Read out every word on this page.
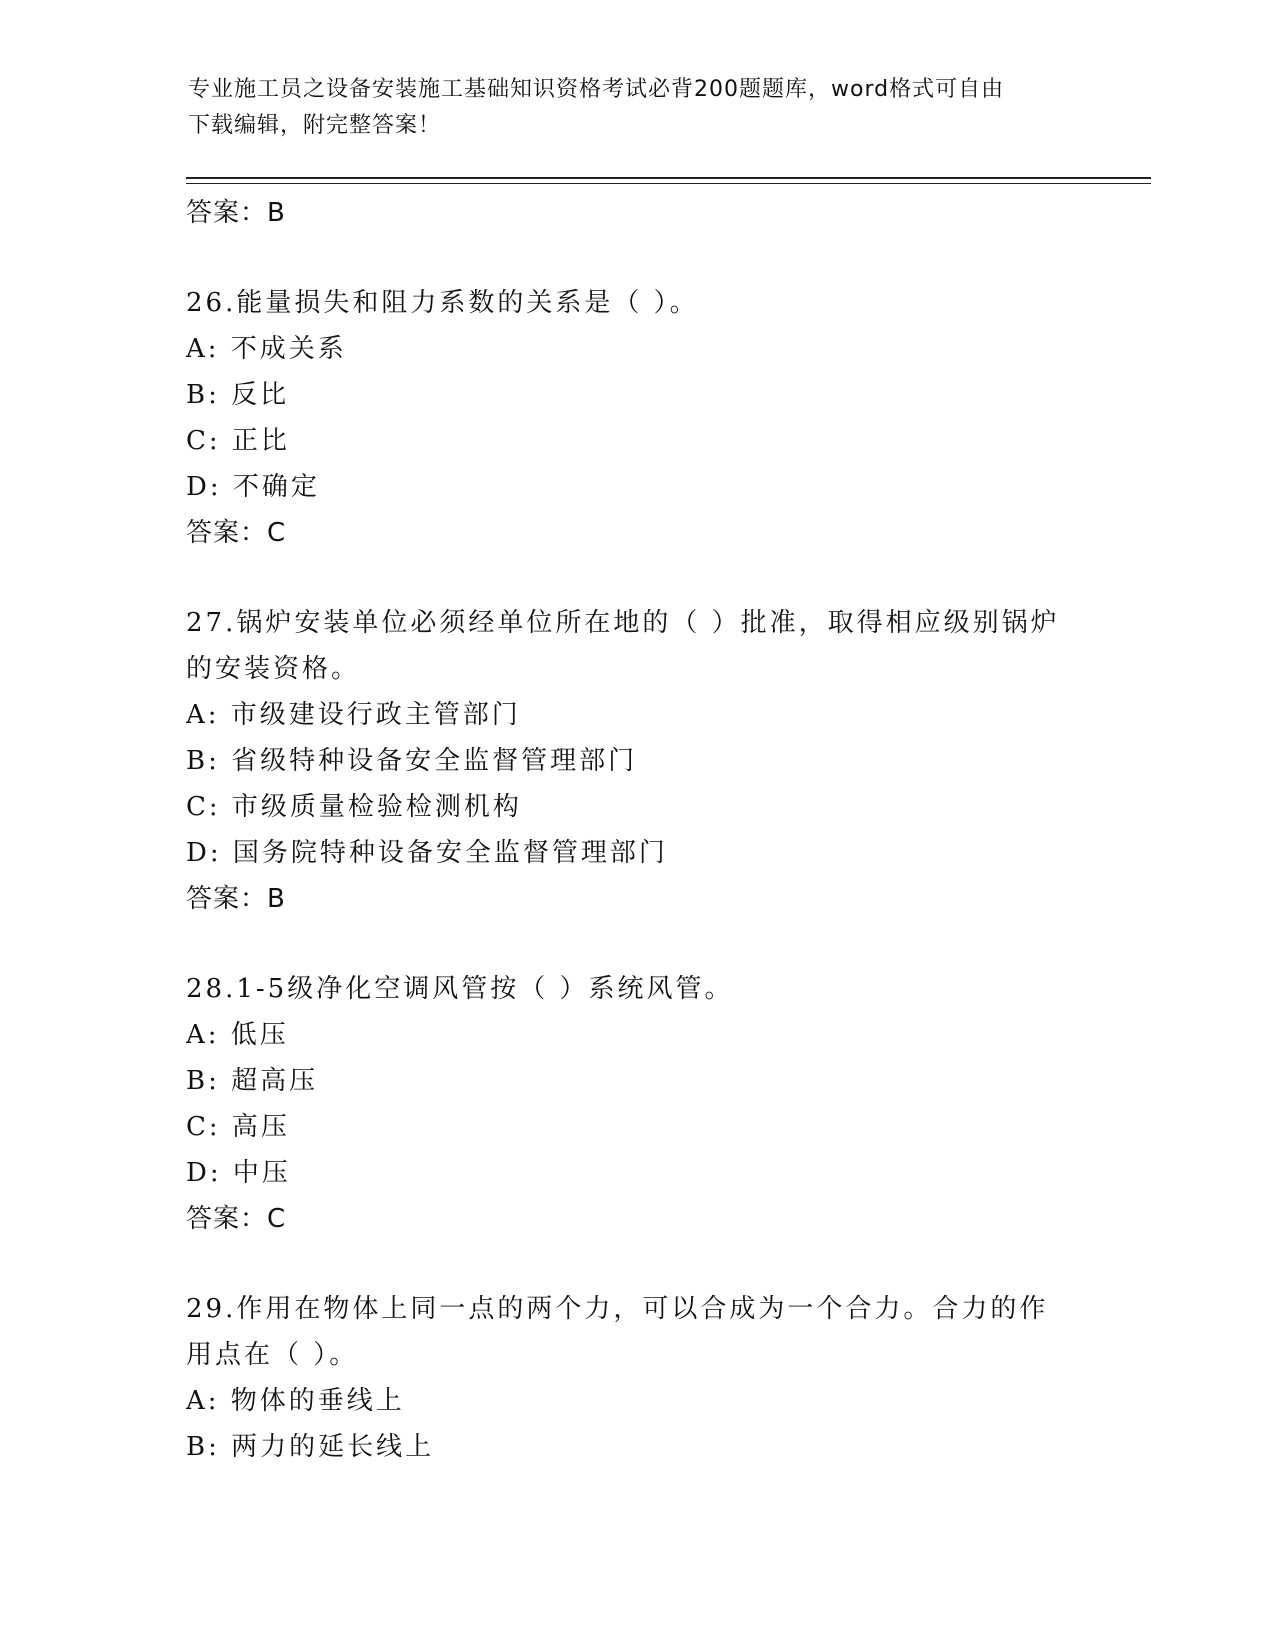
专业施工员之设备安装施工基础知识资格考试必背200题题库，word格式可自由
下载编辑，附完整答案！
答案：B
26.能量损失和阻力系数的关系是（ ）。
A: 不成关系
B: 反比
C: 正比
D: 不确定
答案：C
27.锅炉安装单位必须经单位所在地的（ ）批准，取得相应级别锅炉的安装资格。
A: 市级建设行政主管部门
B: 省级特种设备安全监督管理部门
C: 市级质量检验检测机构
D: 国务院特种设备安全监督管理部门
答案：B
28.1-5级净化空调风管按（ ）系统风管。
A: 低压
B: 超高压
C: 高压
D: 中压
答案：C
29.作用在物体上同一点的两个力，可以合成为一个合力。合力的作用点在（ ）。
A: 物体的垂线上
B: 两力的延长线上
